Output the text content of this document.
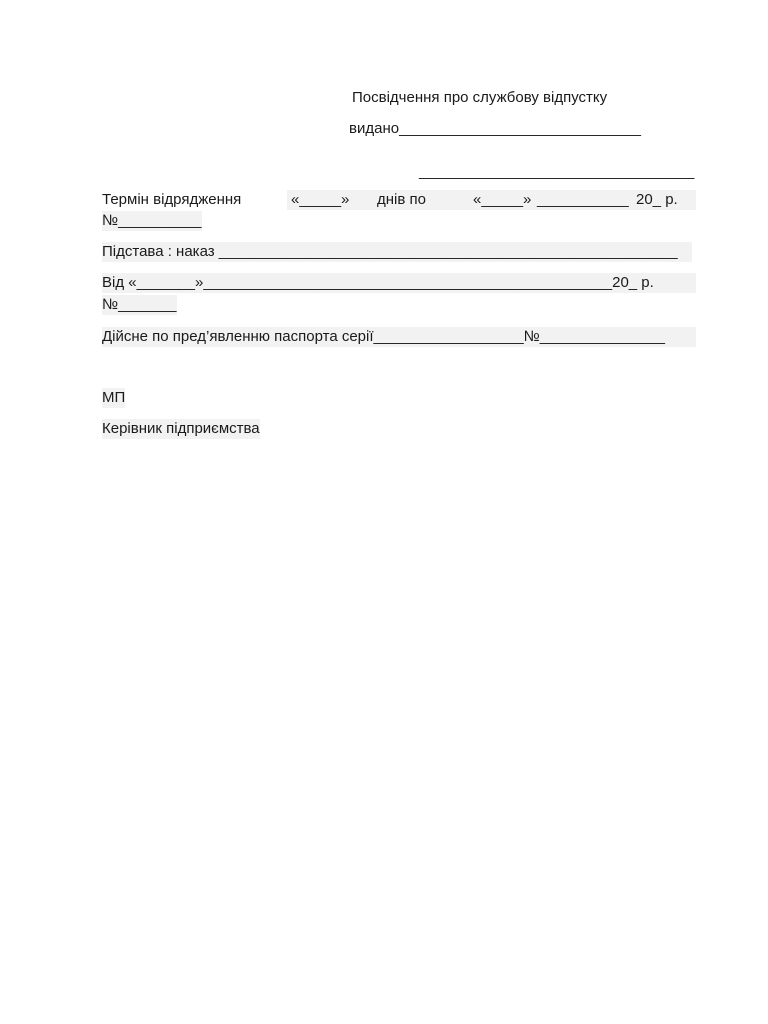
Посвідчення про службову відпустку
видано_____________________________
_________________________________

Термін відрядження

	«_____»

днів по

	«_____»

___________

20_ р.

№__________
Підстава : наказ _______________________________________________________
Від «_______»_________________________________________________20_ р.
№_______
Дійсне по пред’явленню паспорта серії__________________№_______________
МП
Керівник підприємства
